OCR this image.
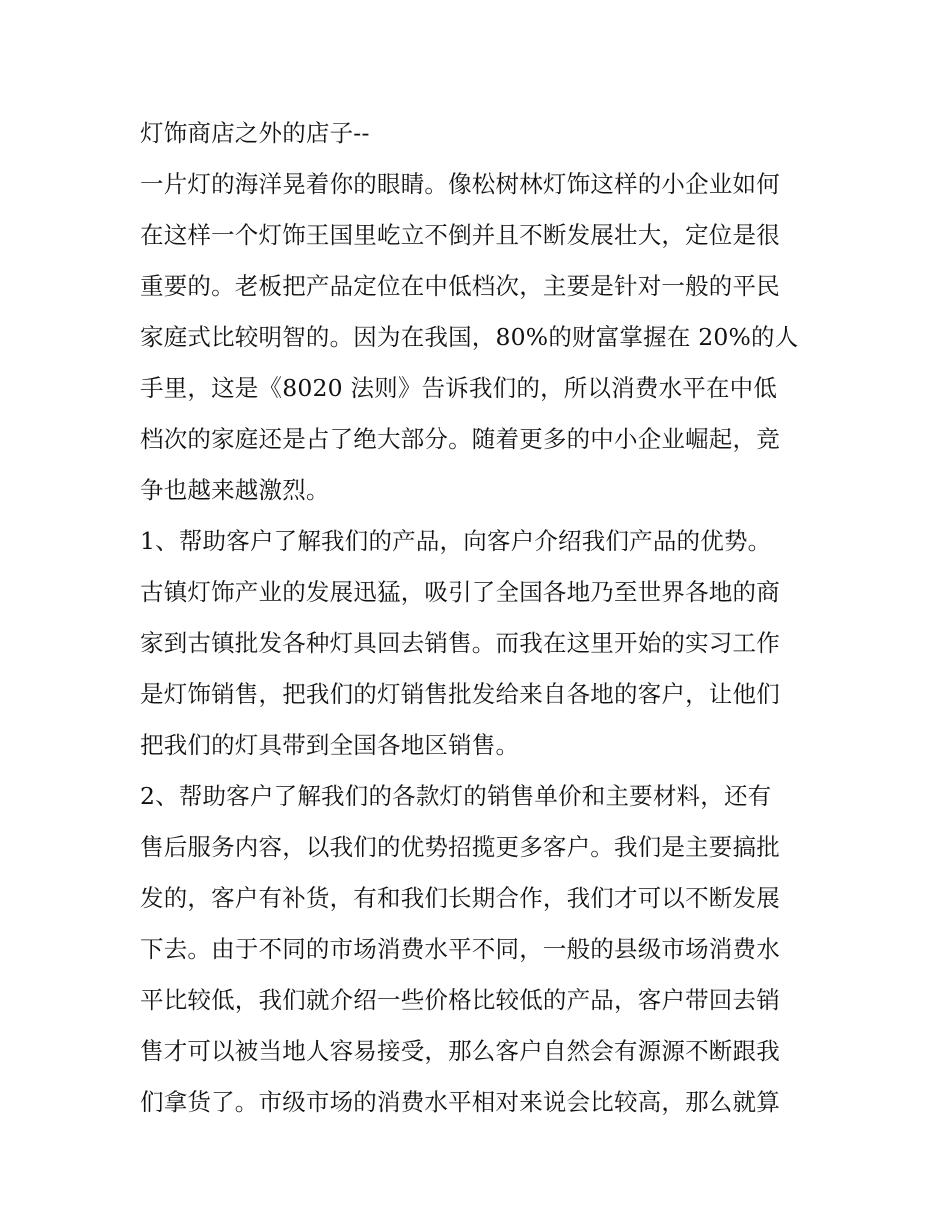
灯饰商店之外的店子--
一片灯的海洋晃着你的眼睛。像松树林灯饰这样的小企业如何
在这样一个灯饰王国里屹立不倒并且不断发展壮大，定位是很
重要的。老板把产品定位在中低档次，主要是针对一般的平民
家庭式比较明智的。因为在我国，80%的财富掌握在 20%的人
手里，这是《8020 法则》告诉我们的，所以消费水平在中低
档次的家庭还是占了绝大部分。随着更多的中小企业崛起，竞
争也越来越激烈。
1、帮助客户了解我们的产品，向客户介绍我们产品的优势。
古镇灯饰产业的发展迅猛，吸引了全国各地乃至世界各地的商
家到古镇批发各种灯具回去销售。而我在这里开始的实习工作
是灯饰销售，把我们的灯销售批发给来自各地的客户，让他们
把我们的灯具带到全国各地区销售。
2、帮助客户了解我们的各款灯的销售单价和主要材料，还有
售后服务内容，以我们的优势招揽更多客户。我们是主要搞批
发的，客户有补货，有和我们长期合作，我们才可以不断发展
下去。由于不同的市场消费水平不同，一般的县级市场消费水
平比较低，我们就介绍一些价格比较低的产品，客户带回去销
售才可以被当地人容易接受，那么客户自然会有源源不断跟我
们拿货了。市级市场的消费水平相对来说会比较高，那么就算
